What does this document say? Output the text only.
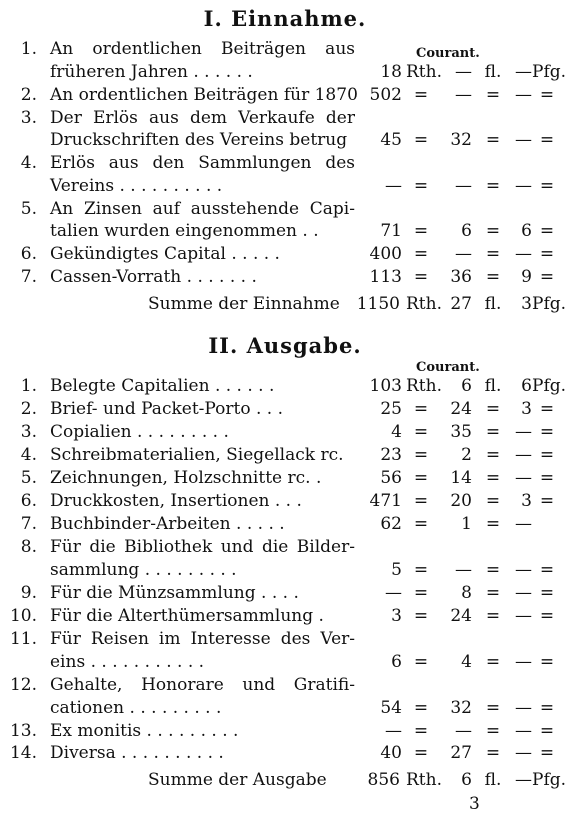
I. Einnahme.
Courant.
1. An ordentlichen Beiträgen aus
früheren Jahren . . . . . .	18 Rth. — fl. — Pfg.
2. An ordentlichen Beiträgen für 1870 502 =	— = — =
3. Der Erlös aus dem Verkaufe der
Druckschriften des Vereins betrug	45 =	32 = — =
4. Erlös aus den Sammlungen des
Vereins . . . . . . . . . .	— =	— = — =
5. An Zinsen auf ausstehende Capi-
talien wurden eingenommen . .	71 =	6 =	6 =
6. Gekündigtes Capital . . . . .	400 =	— = — =
7. Cassen-Vorrath . . . . . . .	113 =	36 =	9 =
Summe der Einnahme 1150 Rth. 27 fl.	3 Pfg.
II. Ausgabe.
Courant.
1. Belegte Capitalien . . . . . .	103 Rth.	6 fl.	6 Pfg.
2. Brief- und Packet-Porto . . .	25 =	24 =	3 =
3. Copialien . . . . . . . . .	4 =	35 = — =
4. Schreibmaterialien, Siegellack rc.	23 =	2 = — =
5. Zeichnungen, Holzschnitte rc. .	56 =	14 = — =
6. Druckkosten, Insertionen . . .	471 =	20 =	3 =
7. Buchbinder-Arbeiten . . . . .	62 =	1 = —
8. Für die Bibliothek und die Bilder-
sammlung . . . . . . . . .	5 =	— = — =
9. Für die Münzsammlung . . . .	— =	8 = — =
10. Für die Alterthümersammlung .	3 =	24 = — =
11. Für Reisen im Interesse des Ver-
eins . . . . . . . . . . .	6 =	4 = — =
12. Gehalte, Honorare und Gratifi-
cationen . . . . . . . . .	54 =	32 = — =
13. Ex monitis . . . . . . . . .	— =	— = — =
14. Diversa . . . . . . . . . .	40 =	27 = — =
Summe der Ausgabe	856 Rth.	6 fl. — Pfg.
3
